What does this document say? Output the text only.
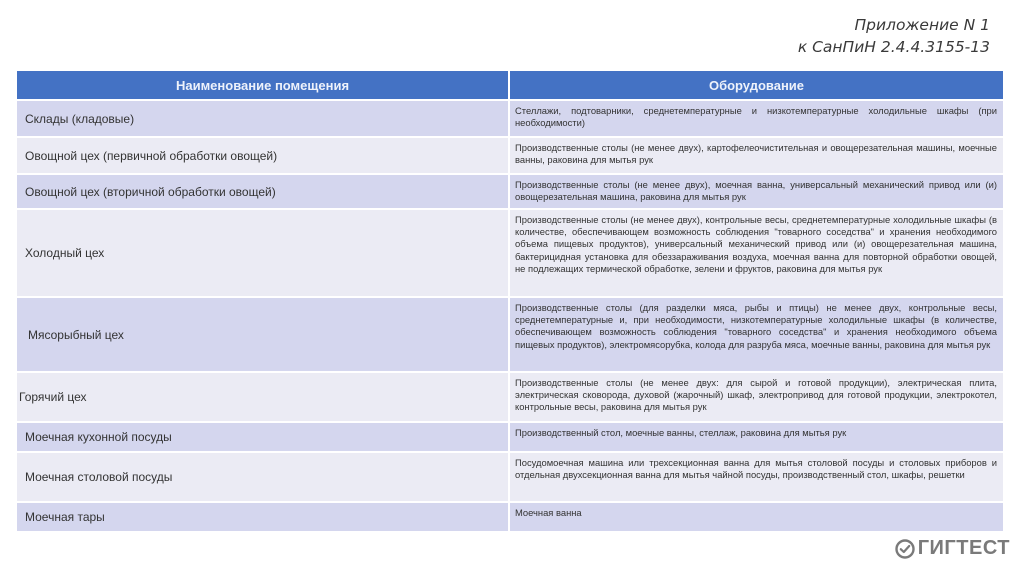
Приложение N 1
к СанПиН 2.4.4.3155-13
Наименование помещения	Оборудование
Склады (кладовые)	Стеллажи, подтоварники, среднетемпературные и низкотемпературные холодильные шкафы (при необходимости)
Овощной цех (первичной обработки овощей)	Производственные столы (не менее двух), картофелеочистительная и овощерезательная машины, моечные ванны, раковина для мытья рук
Овощной цех (вторичной обработки овощей)	Производственные столы (не менее двух), моечная ванна, универсальный механический привод или (и) овощерезательная машина, раковина для мытья рук
Холодный цех	Производственные столы (не менее двух), контрольные весы, среднетемпературные холодильные шкафы (в количестве, обеспечивающем возможность соблюдения "товарного соседства" и хранения необходимого объема пищевых продуктов), универсальный механический привод или (и) овощерезательная машина, бактерицидная установка для обеззараживания воздуха, моечная ванна для повторной обработки овощей, не подлежащих термической обработке, зелени и фруктов, раковина для мытья рук
Мясорыбный цех	Производственные столы (для разделки мяса, рыбы и птицы) не менее двух, контрольные весы, среднетемпературные и, при необходимости, низкотемпературные холодильные шкафы (в количестве, обеспечивающем возможность соблюдения "товарного соседства" и хранения необходимого объема пищевых продуктов), электромясорубка, колода для разруба мяса, моечные ванны, раковина для мытья рук
Горячий цех	Производственные столы (не менее двух: для сырой и готовой продукции), электрическая плита, электрическая сковорода, духовой (жарочный) шкаф, электропривод для готовой продукции, электрокотел, контрольные весы, раковина для мытья рук
Моечная кухонной посуды	Производственный стол, моечные ванны, стеллаж, раковина для мытья рук
Моечная столовой посуды	Посудомоечная машина или трехсекционная ванна для мытья столовой посуды и столовых приборов и отдельная двухсекционная ванна для мытья чайной посуды, производственный стол, шкафы, решетки
Моечная тары	Моечная ванна
ГИГТЕСТ
